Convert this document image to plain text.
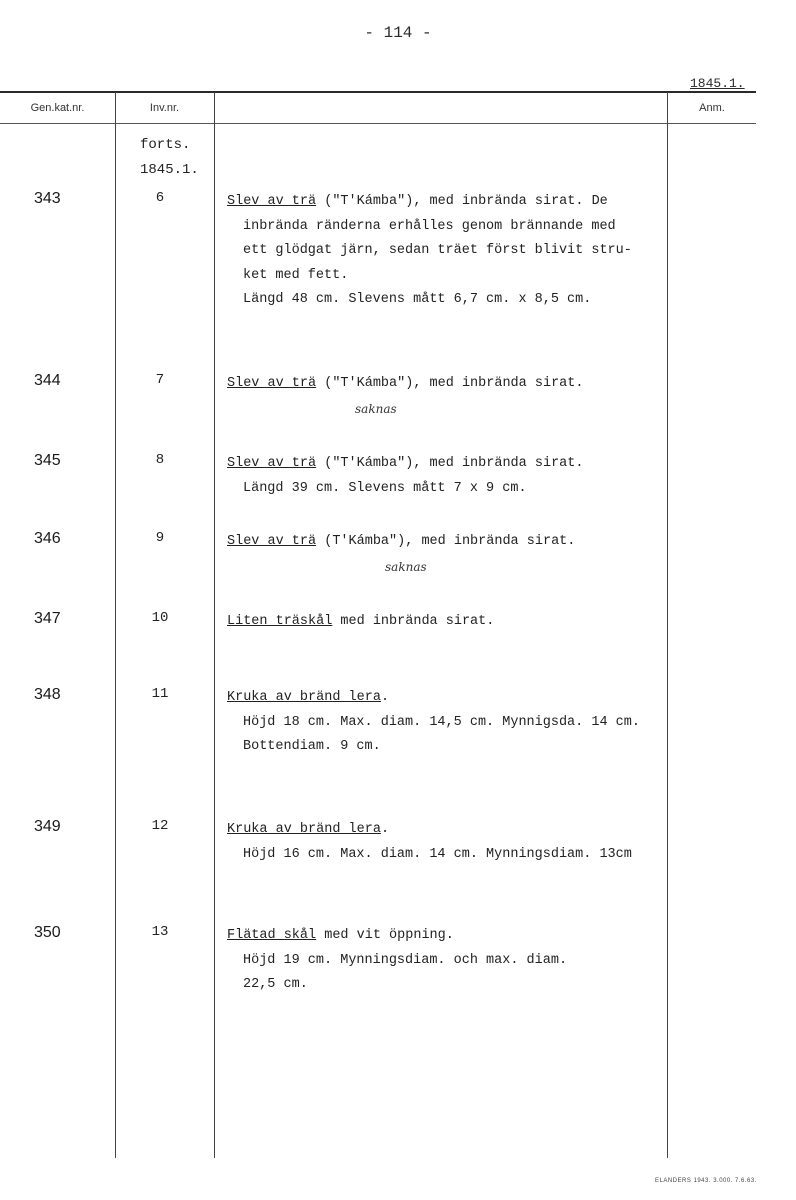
- 114 -
1845.1.
Gen.kat.nr.	Inv.nr.	Anm.
forts.
1845.1.
343	6	Slev av trä ("T'Kámba"), med inbrända sirat. De
inbrända ränderna erhålles genom brännande med
ett glödgat järn, sedan träet först blivit stru-
ket med fett.
Längd 48 cm. Slevens mått 6,7 cm. x 8,5 cm.
344	7	Slev av trä ("T'Kámba"), med inbrända sirat.
saknas
345	8	Slev av trä ("T'Kámba"), med inbrända sirat.
Längd 39 cm. Slevens mått 7 x 9 cm.
346	9	Slev av trä (T'Kámba"), med inbrända sirat.
saknas
347	10	Liten träskål med inbrända sirat.
348	11	Kruka av bränd lera.
Höjd 18 cm. Max. diam. 14,5 cm. Mynnigsda. 14 cm.
Bottendiam. 9 cm.
349	12	Kruka av bränd lera.
Höjd 16 cm. Max. diam. 14 cm. Mynningsdiam. 13cm
350	13	Flätad skål med vit öppning.
Höjd 19 cm. Mynningsdiam. och max. diam.
22,5 cm.
ELANDERS 1943. 3.000. 7.6.63.
